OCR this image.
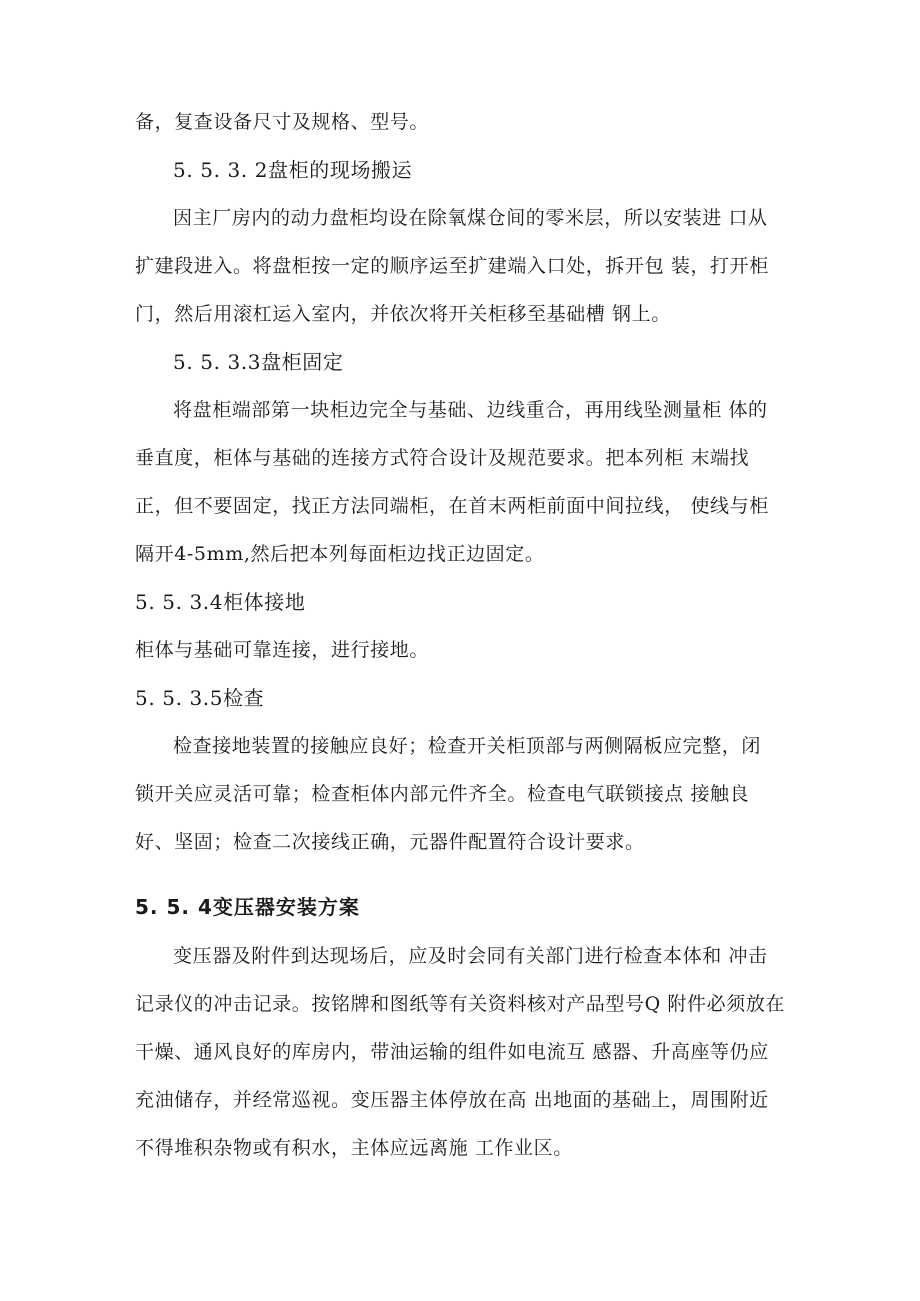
备，复查设备尺寸及规格、型号。
5. 5. 3. 2盘柜的现场搬运
因主厂房内的动力盘柜均设在除氧煤仓间的零米层，所以安装进 口从
扩建段进入。将盘柜按一定的顺序运至扩建端入口处，拆开包 装，打开柜
门，然后用滚杠运入室内，并依次将开关柜移至基础槽 钢上。
5. 5. 3.3盘柜固定
将盘柜端部第一块柜边完全与基础、边线重合，再用线坠测量柜 体的
垂直度，柜体与基础的连接方式符合设计及规范要求。把本列柜 末端找
正，但不要固定，找正方法同端柜，在首末两柜前面中间拉线， 使线与柜
隔开4-5mm,然后把本列每面柜边找正边固定。
5. 5. 3.4柜体接地
柜体与基础可靠连接，进行接地。
5. 5. 3.5检查
检查接地装置的接触应良好；检查开关柜顶部与两侧隔板应完整，闭
锁开关应灵活可靠；检查柜体内部元件齐全。检查电气联锁接点 接触良
好、坚固；检查二次接线正确，元器件配置符合设计要求。
5. 5. 4变压器安装方案
变压器及附件到达现场后，应及时会同有关部门进行检查本体和 冲击
记录仪的冲击记录。按铭牌和图纸等有关资料核对产品型号Q 附件必须放在
干燥、通风良好的库房内，带油运输的组件如电流互 感器、升高座等仍应
充油储存，并经常巡视。变压器主体停放在高 出地面的基础上，周围附近
不得堆积杂物或有积水，主体应远离施 工作业区。
